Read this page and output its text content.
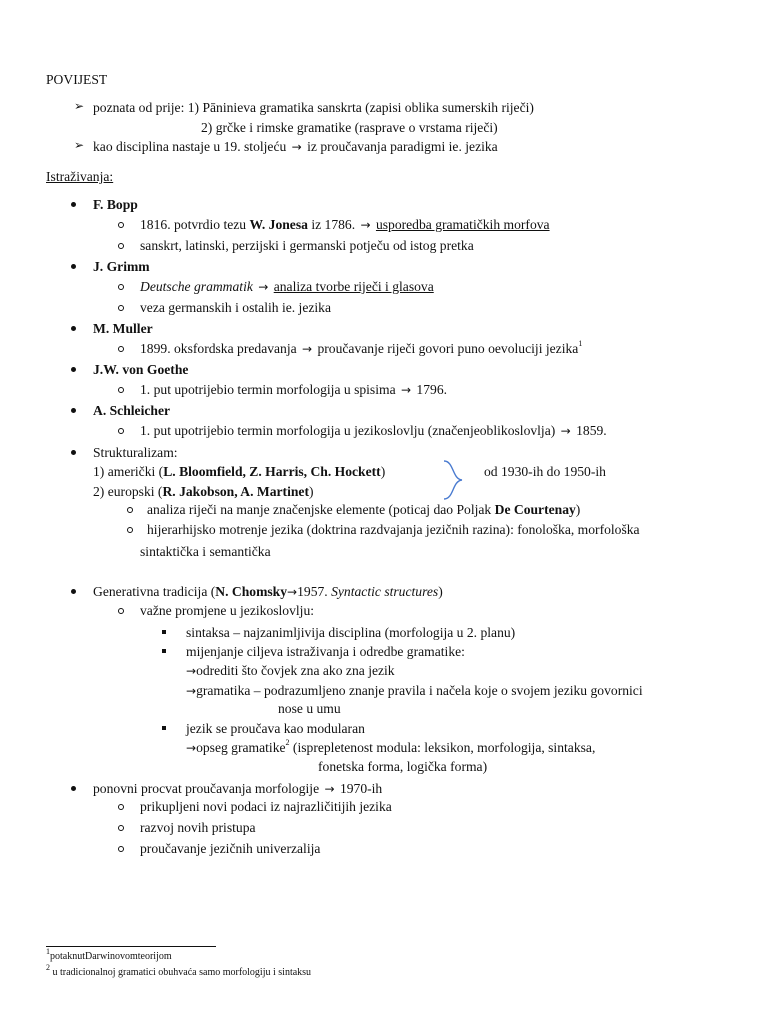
POVIJEST
➢ poznata od prije: 1) Pāninieva gramatika sanskrta (zapisi oblika sumerskih riječi)
2) grčke i rimske gramatike (rasprave o vrstama riječi)
➢ kao disciplina nastaje u 19. stoljeću → iz proučavanja paradigmi ie. jezika
Istraživanja:
F. Bopp
1816. potvrdio tezu W. Jonesa iz 1786. → usporedba gramatičkih morfova
sanskrt, latinski, perzijski i germanski potječu od istog pretka
J. Grimm
Deutsche grammatik → analiza tvorbe riječi i glasova
veza germanskih i ostalih ie. jezika
M. Muller
1899. oksfordska predavanja → proučavanje riječi govori puno oevoluciji jezika$^1$
J.W. von Goethe
1. put upotrijebio termin morfologija u spisima → 1796.
A. Schleicher
1. put upotrijebio termin morfologija u jezikoslovlju (značenjeoblikoslovlja) → 1859.
Strukturalizam:
1) američki (L. Bloomfield, Z. Harris, Ch. Hockett)	od 1930-ih do 1950-ih
2) europski (R. Jakobson, A. Martinet)
analiza riječi na manje značenjske elemente (poticaj dao Poljak De Courtenay)
hijerarhijsko motrenje jezika (doktrina razdvajanja jezičnih razina): fonološka, morfološka
sintaktička i semantička
Generativna tradicija (N. Chomsky→1957. Syntactic structures)
važne promjene u jezikoslovlju:
sintaksa – najzanimljivija disciplina (morfologija u 2. planu)
mijenjanje ciljeva istraživanja i odredbe gramatike:
→odrediti što čovjek zna ako zna jezik
→gramatika – podrazumljeno znanje pravila i načela koje o svojem jeziku govornici
nose u umu
jezik se proučava kao modularan
→opseg gramatike$^2$ (isprepletenost modula: leksikon, morfologija, sintaksa,
fonetska forma, logička forma)
ponovni procvat proučavanja morfologije → 1970-ih
prikupljeni novi podaci iz najrazličitijih jezika
razvoj novih pristupa
proučavanje jezičnih univerzalija
$^1$potaknutDarwinovomteorijom
$^2$ u tradicionalnoj gramatici obuhvaća samo morfologiju i sintaksu
